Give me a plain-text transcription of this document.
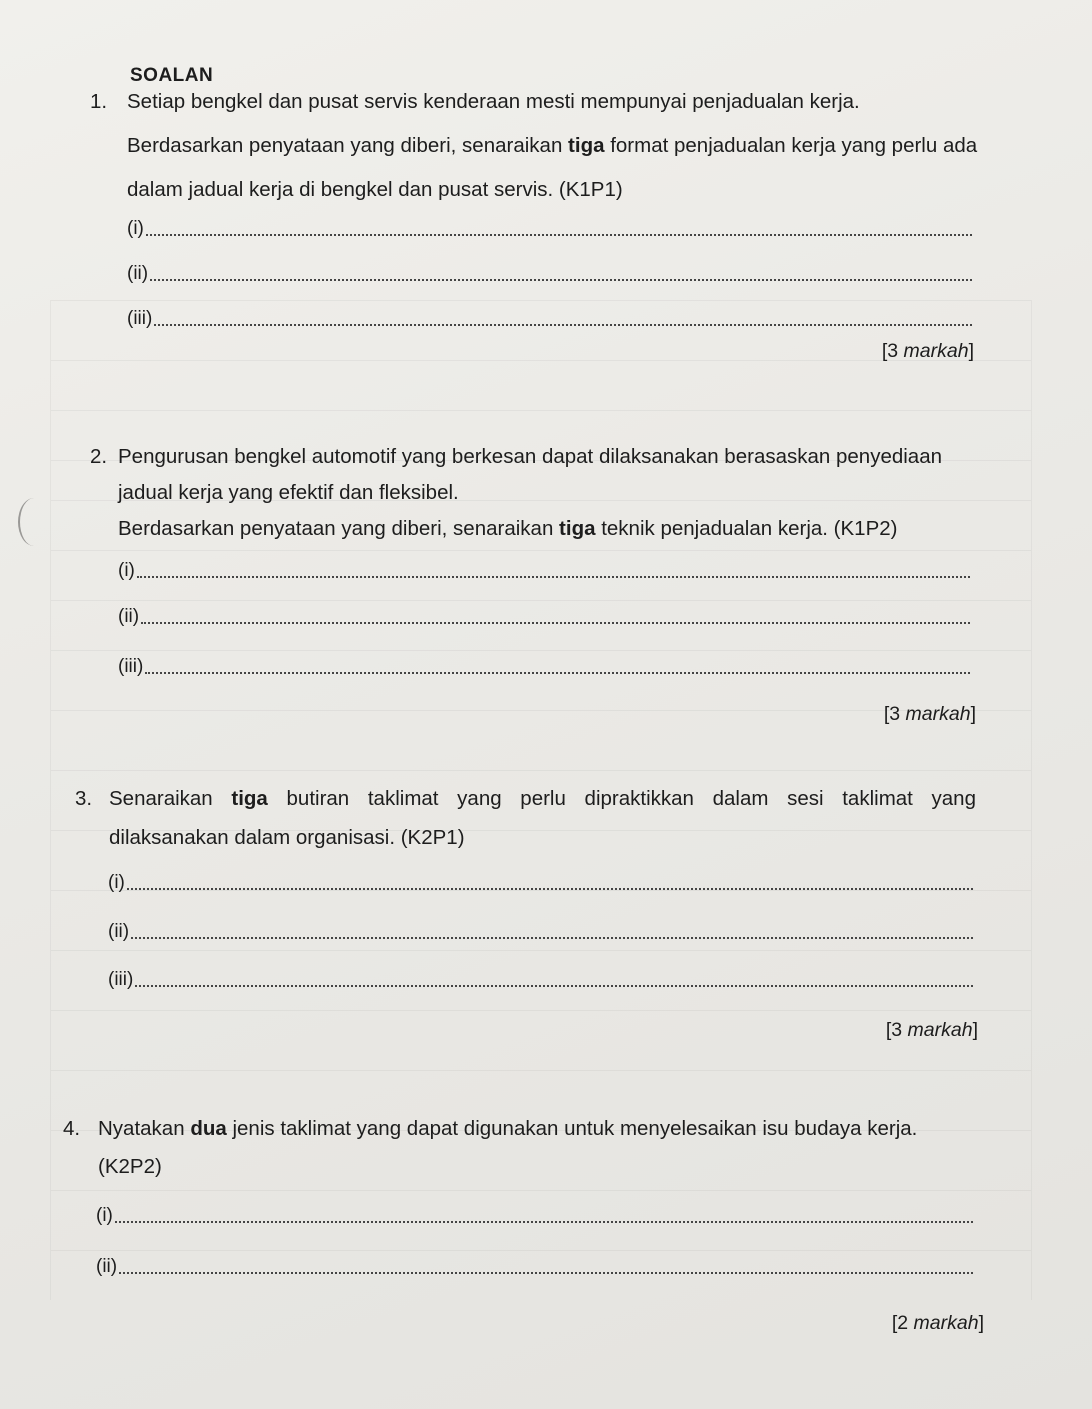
SOALAN
1. Setiap bengkel dan pusat servis kenderaan mesti mempunyai penjadualan kerja.
Berdasarkan penyataan yang diberi, senaraikan tiga format penjadualan kerja yang perlu ada
dalam jadual kerja di bengkel dan pusat servis. (K1P1)
(i)
(ii)
(iii)
[3 markah]
2. Pengurusan bengkel automotif yang berkesan dapat dilaksanakan berasaskan penyediaan
jadual kerja yang efektif dan fleksibel.
Berdasarkan penyataan yang diberi, senaraikan tiga teknik penjadualan kerja. (K1P2)
(i)
(ii)
(iii)
[3 markah]
3. Senaraikan tiga butiran taklimat yang perlu dipraktikkan dalam sesi taklimat yang
dilaksanakan dalam organisasi. (K2P1)
(i)
(ii)
(iii)
[3 markah]
4. Nyatakan dua jenis taklimat yang dapat digunakan untuk menyelesaikan isu budaya kerja.
(K2P2)
(i)
(ii)
[2 markah]
